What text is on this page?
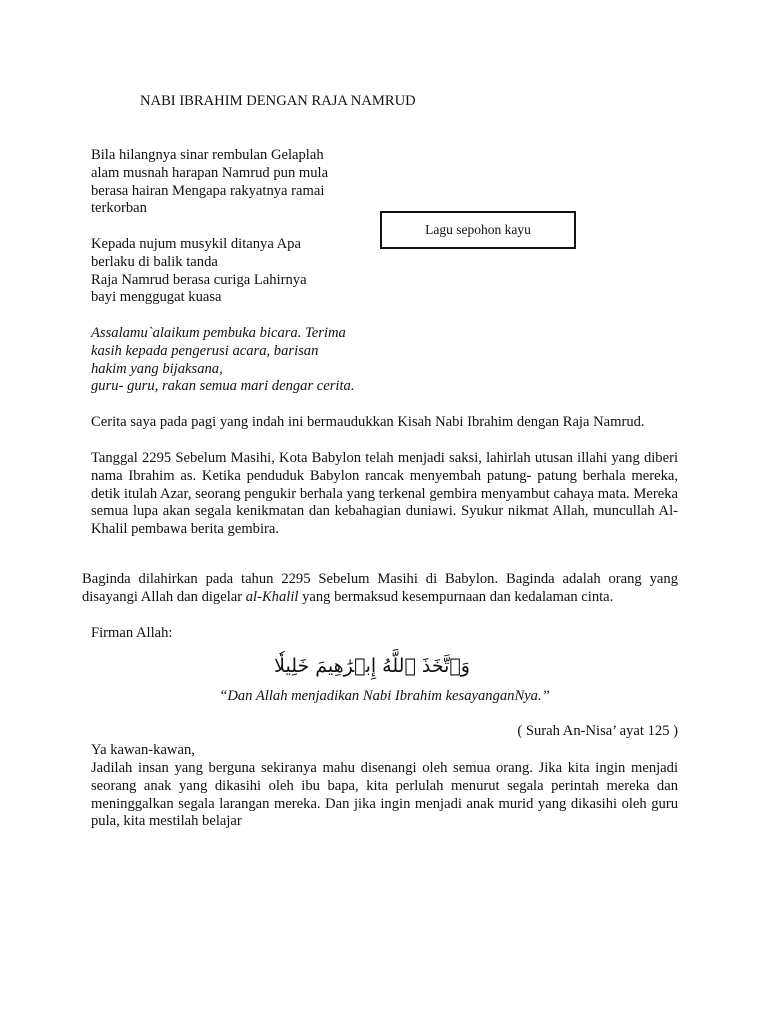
NABI IBRAHIM DENGAN RAJA NAMRUD
Bila hilangnya sinar rembulan Gelaplah
alam musnah harapan Namrud pun mula
berasa hairan Mengapa rakyatnya ramai
terkorban
Lagu sepohon kayu
Kepada nujum musykil ditanya Apa
berlaku di balik tanda
Raja Namrud berasa curiga Lahirnya
bayi menggugat kuasa
Assalamu`alaikum pembuka bicara. Terima
kasih kepada pengerusi acara, barisan
hakim yang bijaksana,
guru- guru, rakan semua mari dengar cerita.

Cerita saya pada pagi yang indah ini bermaudukkan Kisah Nabi Ibrahim dengan Raja Namrud.

Tanggal 2295 Sebelum Masihi, Kota Babylon telah menjadi saksi, lahirlah utusan illahi yang diberi nama Ibrahim as. Ketika penduduk Babylon rancak menyembah patung- patung berhala mereka, detik itulah Azar, seorang pengukir berhala yang terkenal gembira menyambut cahaya mata. Mereka semua lupa akan segala kenikmatan dan kebahagian duniawi. Syukur nikmat Allah, muncullah Al-Khalil pembawa berita gembira.

Baginda dilahirkan pada tahun 2295 Sebelum Masihi di Babylon. Baginda adalah orang yang disayangi Allah dan digelar al-Khalil yang bermaksud kesempurnaan dan kedalaman cinta.

Firman Allah:

وَٱتَّخَذَ ٱللَّهُ إِبۡرَٰهِيمَ خَلِيلٗا
“Dan Allah menjadikan Nabi Ibrahim kesayanganNya.”
( Surah An-Nisa’ ayat 125 )

Ya kawan-kawan,

Jadilah insan yang berguna sekiranya mahu disenangi oleh semua orang. Jika kita ingin menjadi seorang anak yang dikasihi oleh ibu bapa, kita perlulah menurut segala perintah mereka dan meninggalkan segala larangan mereka. Dan jika ingin menjadi anak murid yang dikasihi oleh guru pula, kita mestilah belajar
